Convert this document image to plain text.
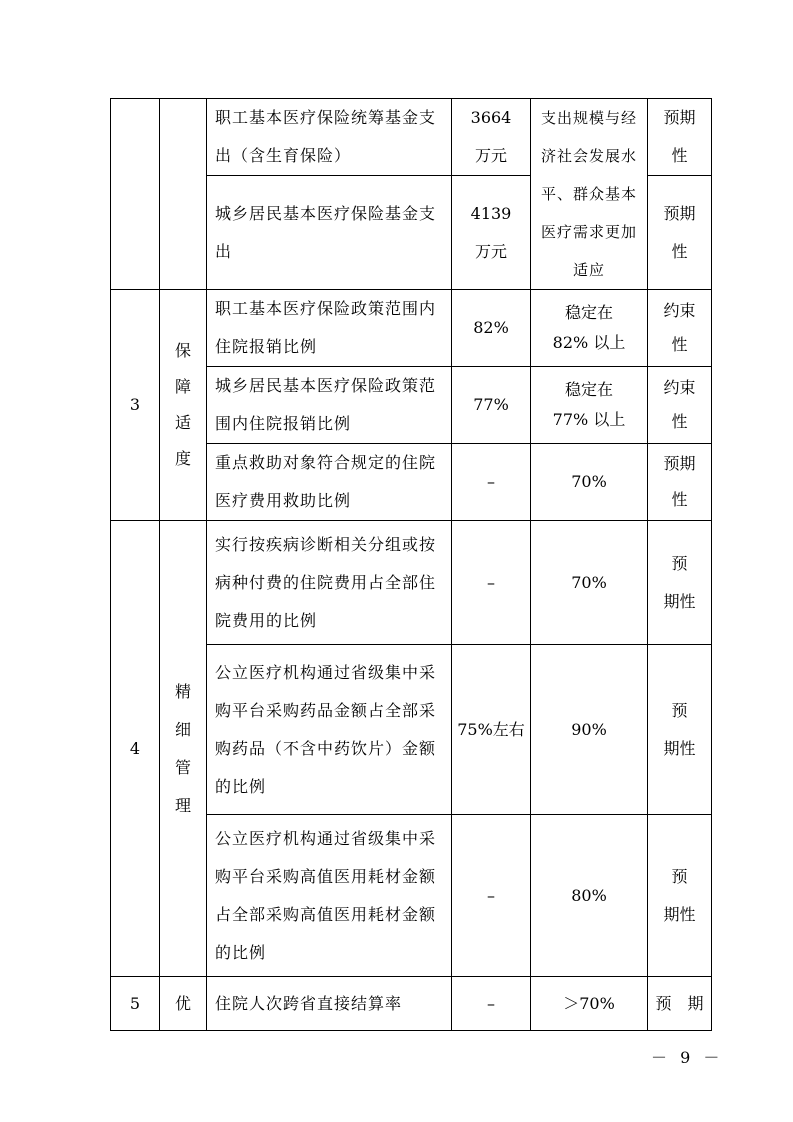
		职工基本医疗保险统筹基金支出（含生育保险）	3664 万元	支出规模与经济社会发展水平、群众基本医疗需求更加适应	预期性

		城乡居民基本医疗保险基金支出	4139 万元		预期性

3	保障适度	职工基本医疗保险政策范围内住院报销比例	82%	稳定在 82% 以上	约束性

		城乡居民基本医疗保险政策范围内住院报销比例	77%	稳定在 77% 以上	约束性

		重点救助对象符合规定的住院医疗费用救助比例	–	70%	预期性

4	精细管理	实行按疾病诊断相关分组或按病种付费的住院费用占全部住院费用的比例	–	70%	预　期性

		公立医疗机构通过省级集中采购平台采购药品金额占全部采购药品（不含中药饮片）金额的比例	75%左右	90%	预　期性

		公立医疗机构通过省级集中采购平台采购高值医用耗材金额占全部采购高值医用耗材金额的比例	–	80%	预　期性

5	优	住院人次跨省直接结算率	–	＞70%	预　期
－ 9 －
